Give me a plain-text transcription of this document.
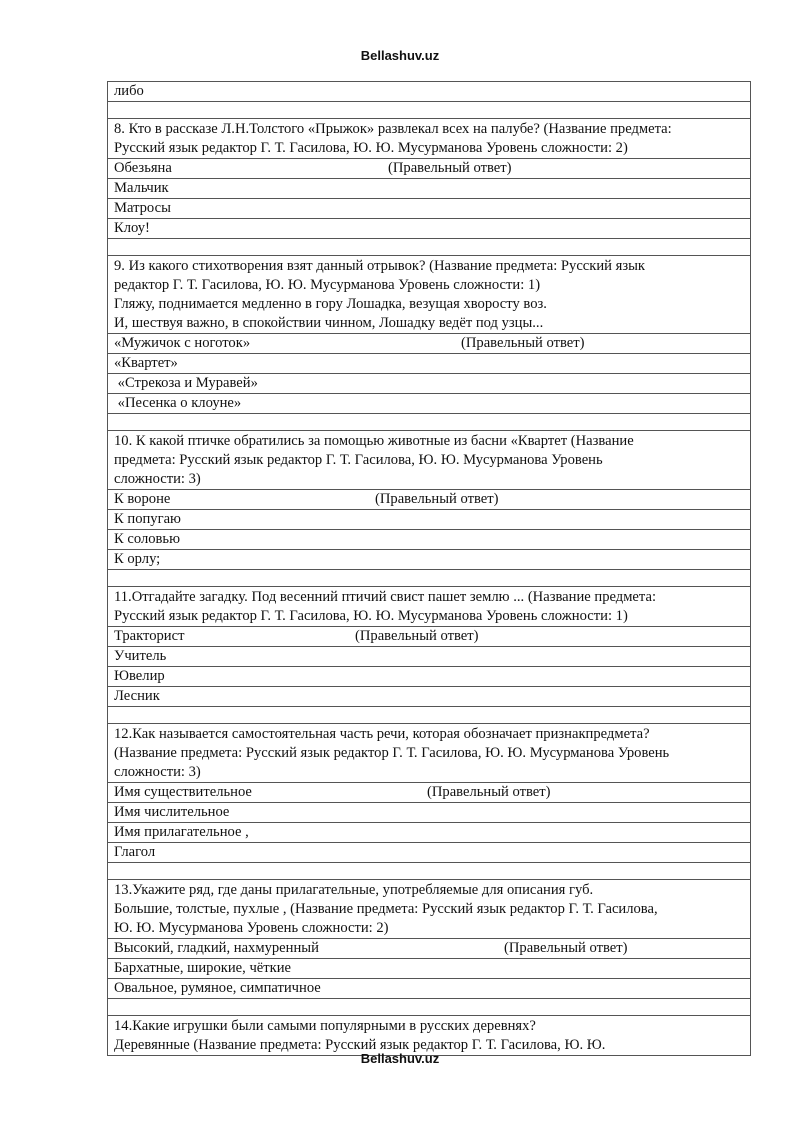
Bellashuv.uz
либо
8. Кто в рассказе Л.Н.Толстого «Прыжок» развлекал всех на палубе? (Название предмета:
Русский язык редактор Г. Т. Гасилова, Ю. Ю. Мусурманова Уровень сложности: 2)
Обезьяна	(Правельный ответ)
Мальчик
Матросы
Клоу!
9. Из какого стихотворения взят данный отрывок? (Название предмета: Русский язык
редактор Г. Т. Гасилова, Ю. Ю. Мусурманова Уровень сложности: 1)
Гляжу, поднимается медленно в гору Лошадка, везущая хворосту воз.
И, шествуя важно, в спокойствии чинном, Лошадку ведёт под узцы...
«Мужичок с ноготок»	(Правельный ответ)
«Квартет»
«Стрекоза и Муравей»
«Песенка о клоуне»
10. К какой птичке обратились за помощью животные из басни «Квартет (Название
предмета: Русский язык редактор Г. Т. Гасилова, Ю. Ю. Мусурманова Уровень
сложности: 3)
К вороне	(Правельный ответ)
К попугаю
К соловью
К орлу;
11.Отгадайте загадку. Под весенний птичий свист пашет землю ... (Название предмета:
Русский язык редактор Г. Т. Гасилова, Ю. Ю. Мусурманова Уровень сложности: 1)
Тракторист	(Правельный ответ)
Учитель
Ювелир
Лесник
12.Как называется самостоятельная часть речи, которая обозначает признакпредмета?
(Название предмета: Русский язык редактор Г. Т. Гасилова, Ю. Ю. Мусурманова Уровень
сложности: 3)
Имя существительное	(Правельный ответ)
Имя числительное
Имя прилагательное ,
Глагол
13.Укажите ряд, где даны прилагательные, употребляемые для описания губ.
Большие, толстые, пухлые , (Название предмета: Русский язык редактор Г. Т. Гасилова,
Ю. Ю. Мусурманова Уровень сложности: 2)
Высокий, гладкий, нахмуренный	(Правельный ответ)
Бархатные, широкие, чёткие
Овальное, румяное, симпатичное
14.Какие игрушки были самыми популярными в русских деревнях?
Деревянные (Название предмета: Русский язык редактор Г. Т. Гасилова, Ю. Ю.
Bellashuv.uz
